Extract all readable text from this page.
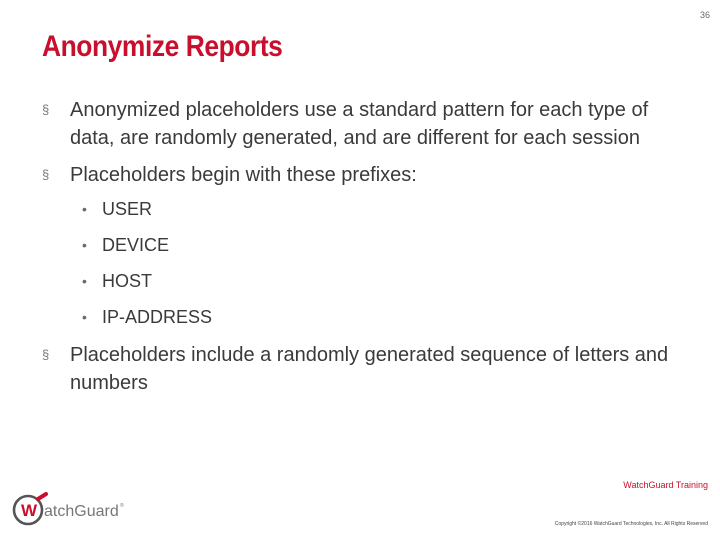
36
Anonymize Reports
§ Anonymized placeholders use a standard pattern for each type of data, are randomly generated, and are different for each session
§ Placeholders begin with these prefixes:
• USER
• DEVICE
• HOST
• IP-ADDRESS
§ Placeholders include a randomly generated sequence of letters and numbers
W atchGuard ®
WatchGuard Training
Copyright ©2016 WatchGuard Technologies, Inc. All Rights Reserved
